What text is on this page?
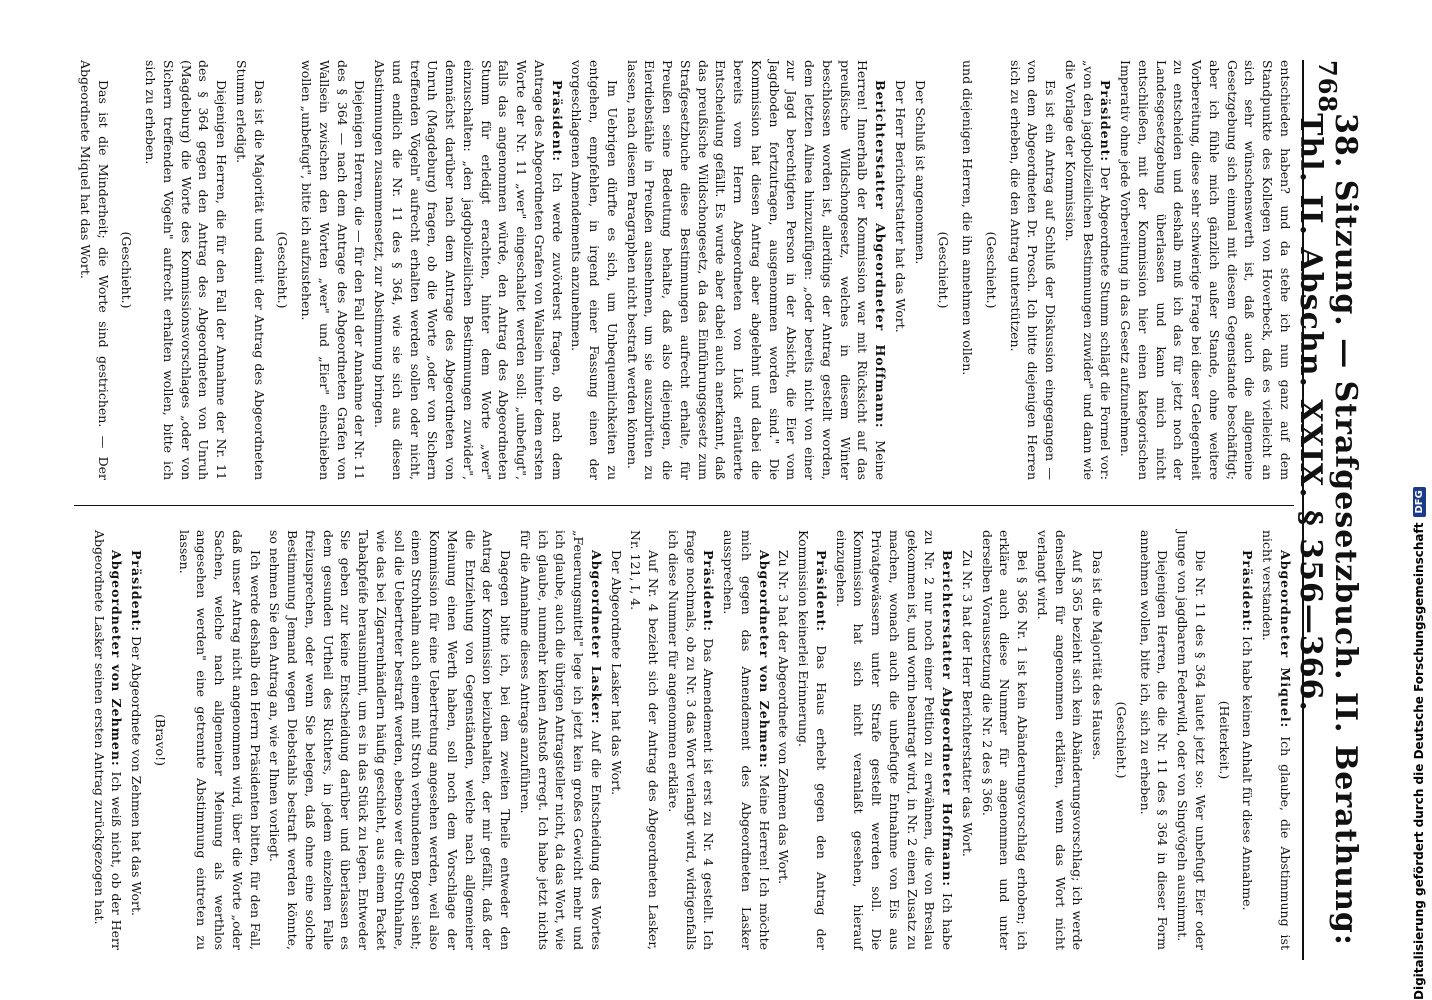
768
38. Sitzung. — Strafgesetzbuch. II. Berathung: Thl. II. Abschn. XXIX. § 356—366.

entschieden haben? und da stehe ich nun ganz auf dem Standpunkte des Kollegen von Hoverbeck, daß es vielleicht an sich sehr wünschenswerth ist, daß auch die allgemeine Gesetzgebung sich einmal mit diesem Gegenstande beschäftigt; aber ich fühle mich gänzlich außer Stande, ohne weitere Vorbereitung, diese sehr schwierige Frage bei dieser Gelegenheit zu entscheiden und deshalb muß ich das für jetzt noch der Landesgesetzgebung überlassen und kann mich nicht entschließen, mit der Kommission hier einen kategorischen Imperativ ohne jede Vorbereitung in das Gesetz aufzunehmen.

Präsident: Der Abgeordnete Stumm schlägt die Formel vor: „von den jagdpolizeilichen Bestimmungen zuwider" und dann wie die Vorlage der Kommission.

Es ist ein Antrag auf Schluß der Diskussion eingegangen — von dem Abgeordneten Dr. Prosch. Ich bitte diejenigen Herren sich zu erheben, die den Antrag unterstützen.

(Geschieht.)

und diejenigen Herren, die ihn annehmen wollen.

(Geschieht.)

Der Schluß ist angenommen.

Der Herr Berichterstatter hat das Wort.

Berichterstatter Abgeordneter Hoffmann: Meine Herren! Innerhalb der Kommission war mit Rücksicht auf das preußische Wildschongesetz, welches in diesem Winter beschlossen worden ist, allerdings der Antrag gestellt worden, dem letzten Alinea hinzuzufügen: „oder bereits nicht von einer zur Jagd berechtigten Person in der Absicht, die Eier vom Jagdboden fortzutragen, ausgenommen worden sind." Die Kommission hat diesen Antrag aber abgelehnt und dabei die bereits vom Herrn Abgeordneten von Lück erläuterte Entscheidung gefällt. Es wurde aber dabei auch anerkannt, daß das preußische Wildschongesetz, da das Einführungsgesetz zum Strafgesetzbuche diese Bestimmungen aufrecht erhalte, für Preußen seine Bedeutung behalte, daß also diejenigen, die Eierdiebstähle in Preußen ausnehmen, um sie auszubrüten zu lassen, nach diesem Paragraphen nicht bestraft werden können.

Im Uebrigen dürfte es sich, um Unbequemlichkeiten zu entgehen, empfehlen, in irgend einer Fassung einen der vorgeschlagenen Amendements anzunehmen.

Präsident: Ich werde zuvörderst fragen, ob nach dem Antrage des Abgeordneten Grafen von Wallsein hinter dem ersten Worte der Nr. 11 „wer" eingeschaltet werden soll: „unbefugt", falls das angenommen würde, den Antrag des Abgeordneten Stumm für erledigt erachten, hinter dem Worte „wer" einzuschalten: „den jagdpolizeilichen Bestimmungen zuwider", demnächst darüber nach dem Antrage des Abgeordneten von Unruh (Magdeburg) fragen, ob die Worte „oder von Sichern treffenden Vögeln" aufrecht erhalten werden sollen oder nicht, und endlich die Nr. 11 des § 364, wie sie sich aus diesen Abstimmungen zusammensetzt, zur Abstimmung bringen.

Diejenigen Herren, die — für den Fall der Annahme der Nr. 11 des § 364 — nach dem Antrage des Abgeordneten Grafen von Wallsein zwischen den Worten „wer" und „Eier" einschieben wollen „unbefugt", bitte ich aufzustehen.

(Geschieht.)

Das ist die Majorität und damit der Antrag des Abgeordneten Stumm erledigt.

Diejenigen Herren, die für den Fall der Annahme der Nr. 11 des § 364 gegen den Antrag des Abgeordneten von Unruh (Magdeburg) die Worte des Kommissionsvorschlages „oder von Sichern treffenden Vögeln" aufrecht erhalten wollen, bitte ich sich zu erheben.

(Geschieht.)

Das ist die Minderheit; die Worte sind gestrichen. — Der Abgeordnete Miquel hat das Wort.

Abgeordneter Miquel: Ich glaube, die Abstimmung ist nicht verstanden.

Präsident: Ich habe keinen Anhalt für diese Annahme.

(Heiterkeit.)

Die Nr. 11 des § 364 lautet jetzt so: Wer unbefugt Eier oder Junge von jagdbarem Federwild, oder von Singvögeln ausnimmt.

Diejenigen Herren, die die Nr. 11 des § 364 in dieser Form annehmen wollen, bitte ich, sich zu erheben.

(Geschieht.)

Das ist die Majorität des Hauses.

Auf § 365 bezieht sich kein Abänderungsvorschlag; ich werde denselben für angenommen erklären, wenn das Wort nicht verlangt wird.

Bei § 366 Nr. 1 ist kein Abänderungsvorschlag erhoben; ich erkläre auch diese Nummer für angenommen und unter derselben Voraussetzung die Nr. 2 des § 366.

Zu Nr. 3 hat der Herr Berichterstatter das Wort.

Berichterstatter Abgeordneter Hoffmann: Ich habe zu Nr. 2 nur noch einer Petition zu erwähnen, die von Breslau gekommen ist, und worin beantragt wird, in Nr. 2 einen Zusatz zu machen, wonach auch die unbefugte Entnahme von Eis aus Privatgewässern unter Strafe gestellt werden soll. Die Kommission hat sich nicht veranlaßt gesehen, hierauf einzugehen.

Präsident: Das Haus erhebt gegen den Antrag der Kommission keinerlei Erinnerung.

Zu Nr. 3 hat der Abgeordnete von Zehmen das Wort.

Abgeordneter von Zehmen: Meine Herren! Ich möchte mich gegen das Amendement des Abgeordneten Lasker aussprechen.

Präsident: Das Amendement ist erst zu Nr. 4 gestellt. Ich frage nochmals, ob zu Nr. 3 das Wort verlangt wird, widrigenfalls ich diese Nummer für angenommen erkläre.

Auf Nr. 4 bezieht sich der Antrag des Abgeordneten Lasker, Nr. 121, I, 4.

Der Abgeordnete Lasker hat das Wort.

Abgeordneter Lasker: Auf die Entscheidung des Wortes „Feuerungsmittel" lege ich jetzt kein großes Gewicht mehr und ich glaube, auch die übrigen Antragsteller nicht, da das Wort, wie ich glaube, nunmehr keinen Anstoß erregt. Ich habe jetzt nichts für die Annahme dieses Antrags anzuführen.

Dagegen bitte ich, bei dem zweiten Theile entweder den Antrag der Kommission beizubehalten, der mir gefällt, daß der die Entziehung von Gegenständen, welche nach allgemeiner Meinung einen Werth haben, soll noch dem Vorschlage der Kommission für eine Uebertretung angesehen werden, weil also einen Strohhalm auch einem mit Stroh verbundenen Bogen sieht; soll die Uebertreter bestraft werden, ebenso wer die Strohhalme, wie das bei Zigarrenhändlern häufig geschieht, aus einem Packet Tabakpfeife herausnimmt, um es in das Stück zu legen. Entweder Sie geben zur keine Entscheidung darüber und überlassen es dem gesunden Urtheil des Richters, in jedem einzelnen Falle freizusprechen, oder wenn Sie belegen, daß ohne eine solche Bestimmung Jemand wegen Diebstahls bestraft werden könnte, so nehmen Sie den Antrag an, wie er Ihnen vorliegt.

Ich werde deshalb den Herrn Präsidenten bitten, für den Fall, daß unser Antrag nicht angenommen wird, über die Worte „oder Sachen, welche nach allgemeiner Meinung als werthlos angesehen werden" eine getrennte Abstimmung eintreten zu lassen.

(Bravo!)

Präsident: Der Abgeordnete von Zehmen hat das Wort.

Abgeordneter von Zehmen: Ich weiß nicht, ob der Herr Abgeordnete Lasker seinen ersten Antrag zurückgezogen hat.	Digitalisierung gefördert durch die Deutsche Forschungsgemeinschaft
DFG
